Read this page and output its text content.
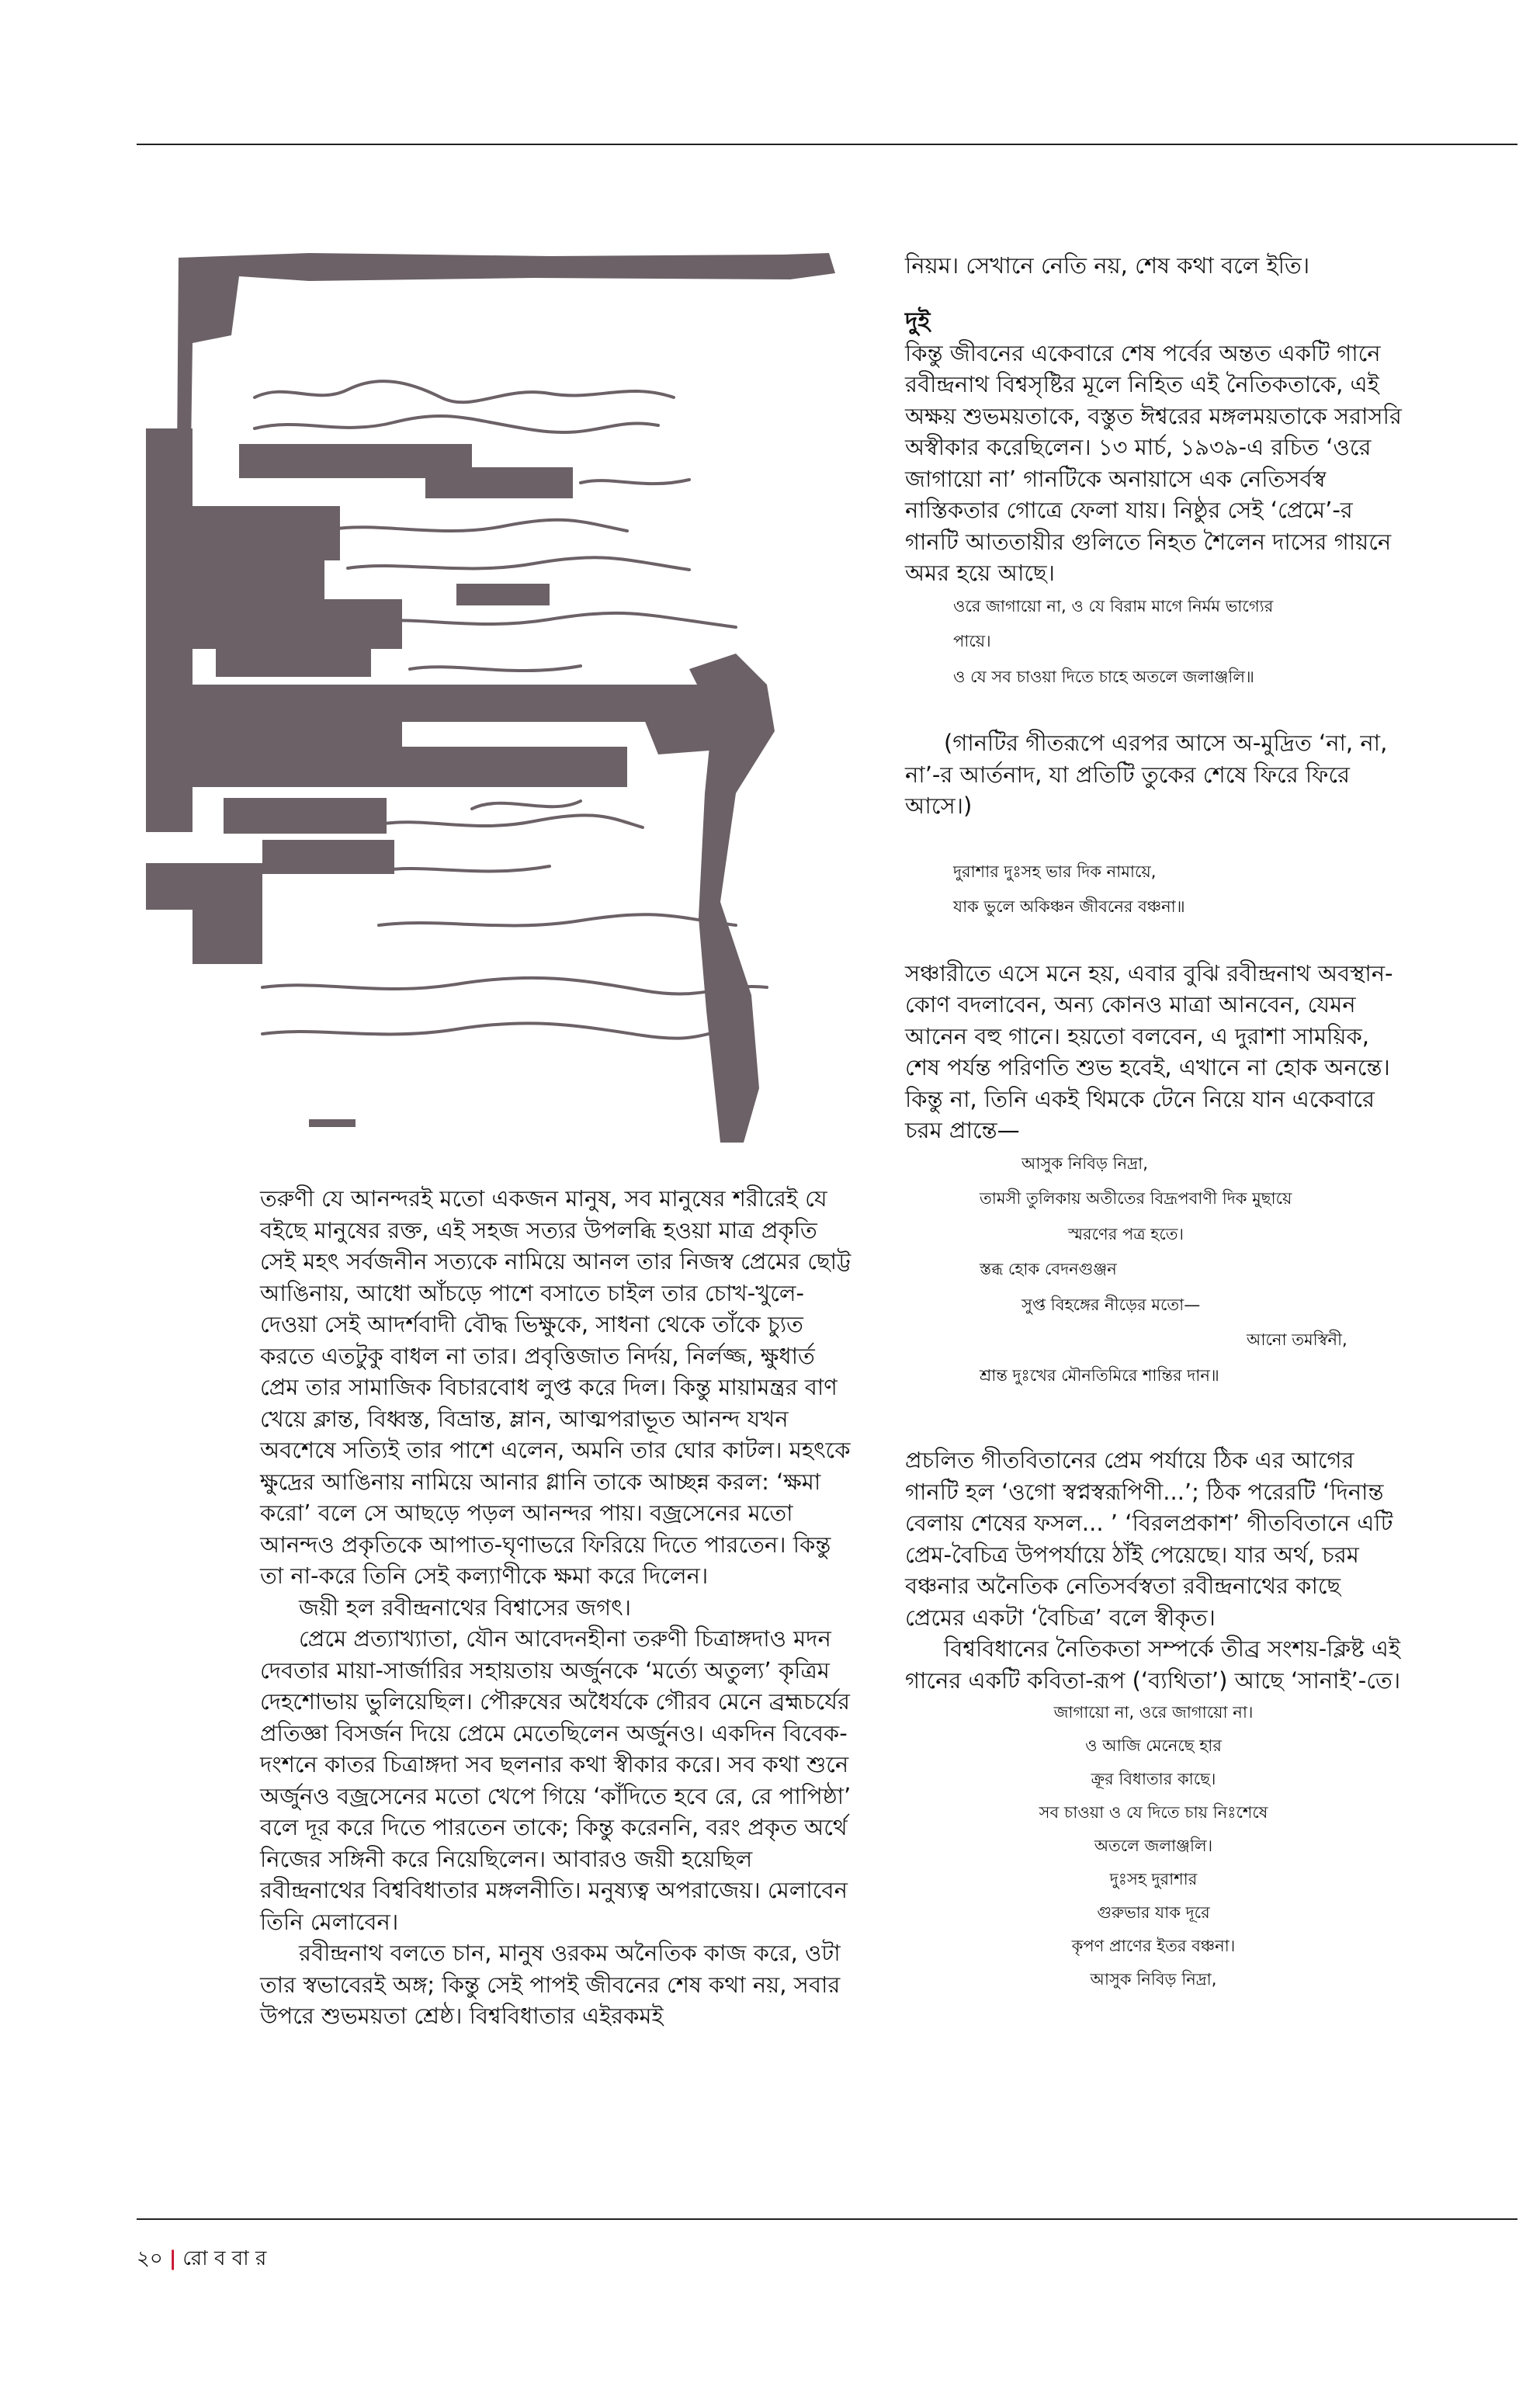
তরুণী যে আনন্দরই মতো একজন মানুষ, সব মানুষের শরীরেই যে বইছে মানুষের রক্ত, এই সহজ সত্যর উপলব্ধি হওয়া মাত্র প্রকৃতি সেই মহৎ সর্বজনীন সত্যকে নামিয়ে আনল তার নিজস্ব প্রেমের ছোট্ট আঙিনায়, আধো আঁচড়ে পাশে বসাতে চাইল তার চোখ-খুলে-দেওয়া সেই আদর্শবাদী বৌদ্ধ ভিক্ষুকে, সাধনা থেকে তাঁকে চ্যুত করতে এতটুকু বাধল না তার। প্রবৃত্তিজাত নির্দয়, নির্লজ্জ, ক্ষুধার্ত প্রেম তার সামাজিক বিচারবোধ লুপ্ত করে দিল। কিন্তু মায়ামন্ত্রর বাণ খেয়ে ক্লান্ত, বিধ্বস্ত, বিভ্রান্ত, ম্লান, আত্মপরাভূত আনন্দ যখন অবশেষে সত্যিই তার পাশে এলেন, অমনি তার ঘোর কাটল। মহৎকে ক্ষুদ্রের আঙিনায় নামিয়ে আনার গ্লানি তাকে আচ্ছন্ন করল: ‘ক্ষমা করো’ বলে সে আছড়ে পড়ল আনন্দর পায়। বজ্রসেনের মতো আনন্দও প্রকৃতিকে আপাত-ঘৃণাভরে ফিরিয়ে দিতে পারতেন। কিন্তু তা না-করে তিনি সেই কল্যাণীকে ক্ষমা করে দিলেন।

জয়ী হল রবীন্দ্রনাথের বিশ্বাসের জগৎ।

প্রেমে প্রত্যাখ্যাতা, যৌন আবেদনহীনা তরুণী চিত্রাঙ্গদাও মদন দেবতার মায়া-সার্জারির সহায়তায় অর্জুনকে ‘মর্ত্যে অতুল্য’ কৃত্রিম দেহশোভায় ভুলিয়েছিল। পৌরুষের অধৈর্যকে গৌরব মেনে ব্রহ্মচর্যের প্রতিজ্ঞা বিসর্জন দিয়ে প্রেমে মেতেছিলেন অর্জুনও। একদিন বিবেক-দংশনে কাতর চিত্রাঙ্গদা সব ছলনার কথা স্বীকার করে। সব কথা শুনে অর্জুনও বজ্রসেনের মতো খেপে গিয়ে ‘কাঁদিতে হবে রে, রে পাপিষ্ঠা’ বলে দূর করে দিতে পারতেন তাকে; কিন্তু করেননি, বরং প্রকৃত অর্থে নিজের সঙ্গিনী করে নিয়েছিলেন। আবারও জয়ী হয়েছিল রবীন্দ্রনাথের বিশ্ববিধাতার মঙ্গলনীতি। মনুষ্যত্ব অপরাজেয়। মেলাবেন তিনি মেলাবেন।

রবীন্দ্রনাথ বলতে চান, মানুষ ওরকম অনৈতিক কাজ করে, ওটা তার স্বভাবেরই অঙ্গ; কিন্তু সেই পাপই জীবনের শেষ কথা নয়, সবার উপরে শুভময়তা শ্রেষ্ঠ। বিশ্ববিধাতার এইরকমই

নিয়ম। সেখানে নেতি নয়, শেষ কথা বলে ইতি।

দুই

কিন্তু জীবনের একেবারে শেষ পর্বের অন্তত একটি গানে রবীন্দ্রনাথ বিশ্বসৃষ্টির মূলে নিহিত এই নৈতিকতাকে, এই অক্ষয় শুভময়তাকে, বস্তুত ঈশ্বরের মঙ্গলময়তাকে সরাসরি অস্বীকার করেছিলেন। ১৩ মার্চ, ১৯৩৯-এ রচিত ‘ওরে জাগায়ো না’ গানটিকে অনায়াসে এক নেতিসর্বস্ব নাস্তিকতার গোত্রে ফেলা যায়। নিষ্ঠুর সেই ‘প্রেমে’-র গানটি আততায়ীর গুলিতে নিহত শৈলেন দাসের গায়নে অমর হয়ে আছে।

ওরে জাগায়ো না, ও যে বিরাম মাগে নির্মম ভাগ্যের

পায়ে।

ও যে সব চাওয়া দিতে চাহে অতলে জলাঞ্জলি॥

(গানটির গীতরূপে এরপর আসে অ-মুদ্রিত ‘না, না, না’-র আর্তনাদ, যা প্রতিটি তুকের শেষে ফিরে ফিরে আসে।)

দুরাশার দুঃসহ ভার দিক নামায়ে,

যাক ভুলে অকিঞ্চন জীবনের বঞ্চনা॥

সঞ্চারীতে এসে মনে হয়, এবার বুঝি রবীন্দ্রনাথ অবস্থান-কোণ বদলাবেন, অন্য কোনও মাত্রা আনবেন, যেমন আনেন বহু গানে। হয়তো বলবেন, এ দুরাশা সাময়িক, শেষ পর্যন্ত পরিণতি শুভ হবেই, এখানে না হোক অনন্তে। কিন্তু না, তিনি একই থিমকে টেনে নিয়ে যান একেবারে চরম প্রান্তে—

আসুক নিবিড় নিদ্রা,

তামসী তুলিকায় অতীতের বিদ্রূপবাণী দিক মুছায়ে

স্মরণের পত্র হতে।

স্তব্ধ হোক বেদনগুঞ্জন

সুপ্ত বিহঙ্গের নীড়ের মতো—

আনো তমস্বিনী,

শ্রান্ত দুঃখের মৌনতিমিরে শান্তির দান॥

প্রচলিত গীতবিতানের প্রেম পর্যায়ে ঠিক এর আগের গানটি হল ‘ওগো স্বপ্নস্বরূপিণী...’; ঠিক পরেরটি ‘দিনান্ত বেলায় শেষের ফসল... ’ ‘বিরলপ্রকাশ’ গীতবিতানে এটি প্রেম-বৈচিত্র উপপর্যায়ে ঠাঁই পেয়েছে। যার অর্থ, চরম বঞ্চনার অনৈতিক নেতিসর্বস্বতা রবীন্দ্রনাথের কাছে প্রেমের একটা ‘বৈচিত্র’ বলে স্বীকৃত।

বিশ্ববিধানের নৈতিকতা সম্পর্কে তীব্র সংশয়-ক্লিষ্ট এই গানের একটি কবিতা-রূপ (‘ব্যথিতা’) আছে ‘সানাই’-তে।

জাগায়ো না, ওরে জাগায়ো না।

ও আজি মেনেছে হার

ক্রূর বিধাতার কাছে।

সব চাওয়া ও যে দিতে চায় নিঃশেষে

অতলে জলাঞ্জলি।

দুঃসহ দুরাশার

গুরুভার যাক দূরে

কৃপণ প্রাণের ইতর বঞ্চনা।

আসুক নিবিড় নিদ্রা,

২০ | রো ব বা র
